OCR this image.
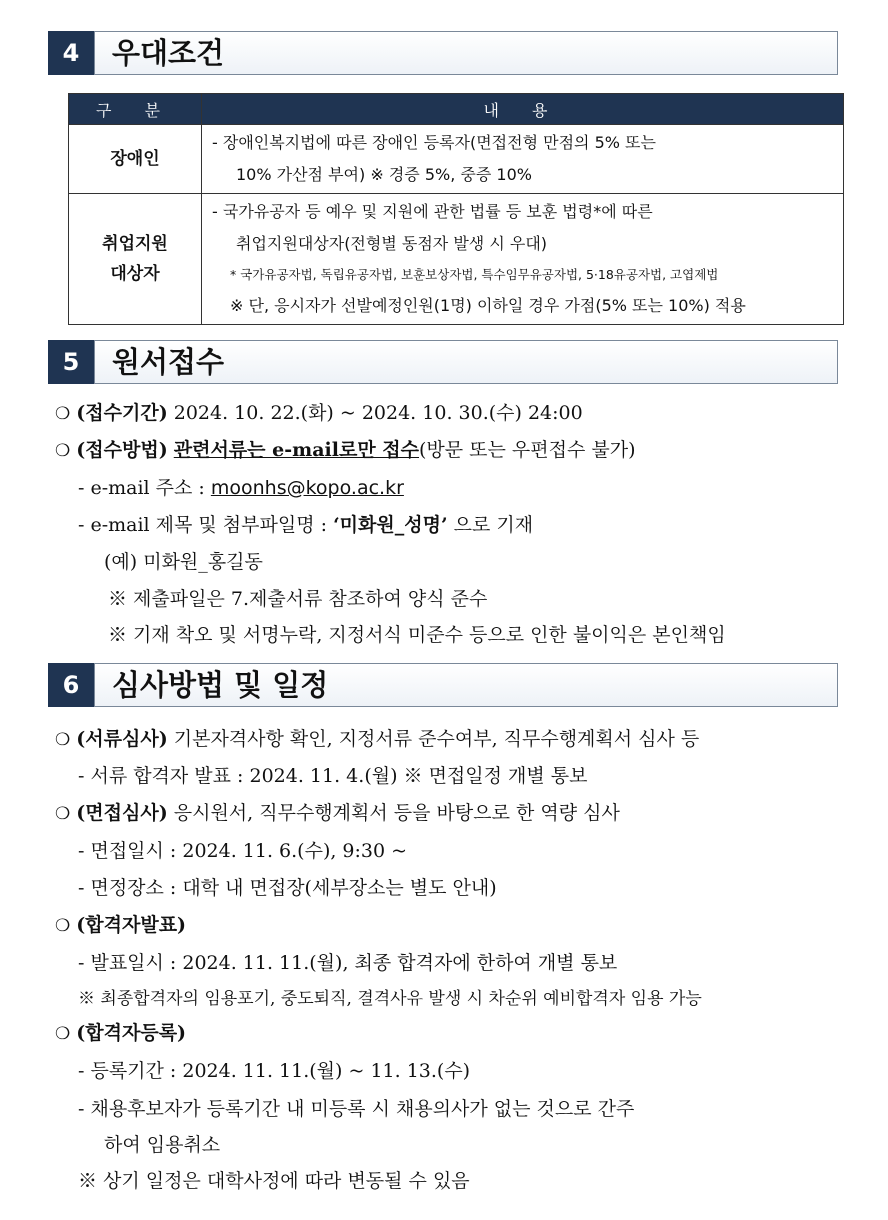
4	우대조건
구 분	내 용
장애인	- 장애인복지법에 따른 장애인 등록자(면접전형 만점의 5% 또는
10% 가산점 부여) ※ 경증 5%, 중증 10%

취업지원
대상자	- 국가유공자 등 예우 및 지원에 관한 법률 등 보훈 법령*에 따른
취업지원대상자(전형별 동점자 발생 시 우대)
* 국가유공자법, 독립유공자법, 보훈보상자법, 특수임무유공자법, 5·18유공자법, 고엽제법
※ 단, 응시자가 선발예정인원(1명) 이하일 경우 가점(5% 또는 10%) 적용
5	원서접수
❍ (접수기간) 2024. 10. 22.(화) ~ 2024. 10. 30.(수) 24:00
❍ (접수방법) 관련서류는 e-mail로만 접수(방문 또는 우편접수 불가)
- e-mail 주소 : moonhs@kopo.ac.kr
- e-mail 제목 및 첨부파일명 : ‘미화원_성명’ 으로 기재
(예) 미화원_홍길동
※ 제출파일은 7.제출서류 참조하여 양식 준수
※ 기재 착오 및 서명누락, 지정서식 미준수 등으로 인한 불이익은 본인책임
6	심사방법 및 일정
❍ (서류심사) 기본자격사항 확인, 지정서류 준수여부, 직무수행계획서 심사 등
- 서류 합격자 발표 : 2024. 11. 4.(월) ※ 면접일정 개별 통보
❍ (면접심사) 응시원서, 직무수행계획서 등을 바탕으로 한 역량 심사
- 면접일시 : 2024. 11. 6.(수), 9:30 ~
- 면정장소 : 대학 내 면접장(세부장소는 별도 안내)
❍ (합격자발표)
- 발표일시 : 2024. 11. 11.(월), 최종 합격자에 한하여 개별 통보
※ 최종합격자의 임용포기, 중도퇴직, 결격사유 발생 시 차순위 예비합격자 임용 가능
❍ (합격자등록)
- 등록기간 : 2024. 11. 11.(월) ~ 11. 13.(수)
- 채용후보자가 등록기간 내 미등록 시 채용의사가 없는 것으로 간주
하여 임용취소
※ 상기 일정은 대학사정에 따라 변동될 수 있음
